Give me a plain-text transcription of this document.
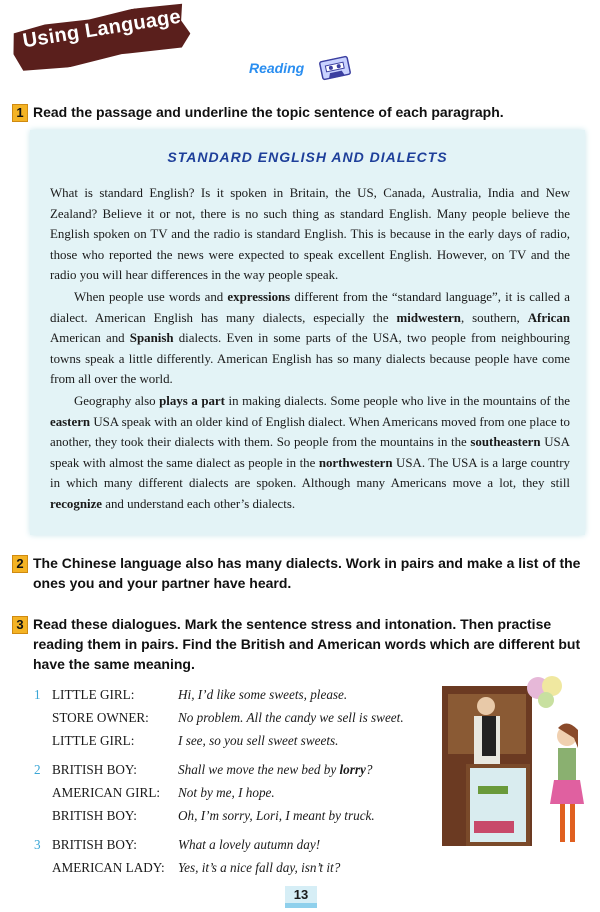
Using Language
Reading
1 Read the passage and underline the topic sentence of each paragraph.
STANDARD ENGLISH AND DIALECTS

What is standard English? Is it spoken in Britain, the US, Canada, Australia, India and New Zealand? Believe it or not, there is no such thing as standard English. Many people believe the English spoken on TV and the radio is standard English. This is because in the early days of radio, those who reported the news were expected to speak excellent English. However, on TV and the radio you will hear differences in the way people speak.

When people use words and expressions different from the “standard language”, it is called a dialect. American English has many dialects, especially the midwestern, southern, African American and Spanish dialects. Even in some parts of the USA, two people from neighbouring towns speak a little differently. American English has so many dialects because people have come from all over the world.

Geography also plays a part in making dialects. Some people who live in the mountains of the eastern USA speak with an older kind of English dialect. When Americans moved from one place to another, they took their dialects with them. So people from the mountains in the southeastern USA speak with almost the same dialect as people in the northwestern USA. The USA is a large country in which many different dialects are spoken. Although many Americans move a lot, they still recognize and understand each other’s dialects.

2 The Chinese language also has many dialects. Work in pairs and make a list of the
ones you and your partner have heard.
3 Read these dialogues. Mark the sentence stress and intonation. Then practise
reading them in pairs. Find the British and American words which are different but have the same meaning.
1 LITTLE GIRL:	Hi, I’d like some sweets, please.
STORE OWNER:	No problem. All the candy we sell is sweet.
LITTLE GIRL:	I see, so you sell sweet sweets.
2 BRITISH BOY:	Shall we move the new bed by lorry?
AMERICAN GIRL:	Not by me, I hope.
BRITISH BOY:	Oh, I’m sorry, Lori, I meant by truck.
3 BRITISH BOY:	What a lovely autumn day!
AMERICAN LADY:	Yes, it’s a nice fall day, isn’t it?
13
